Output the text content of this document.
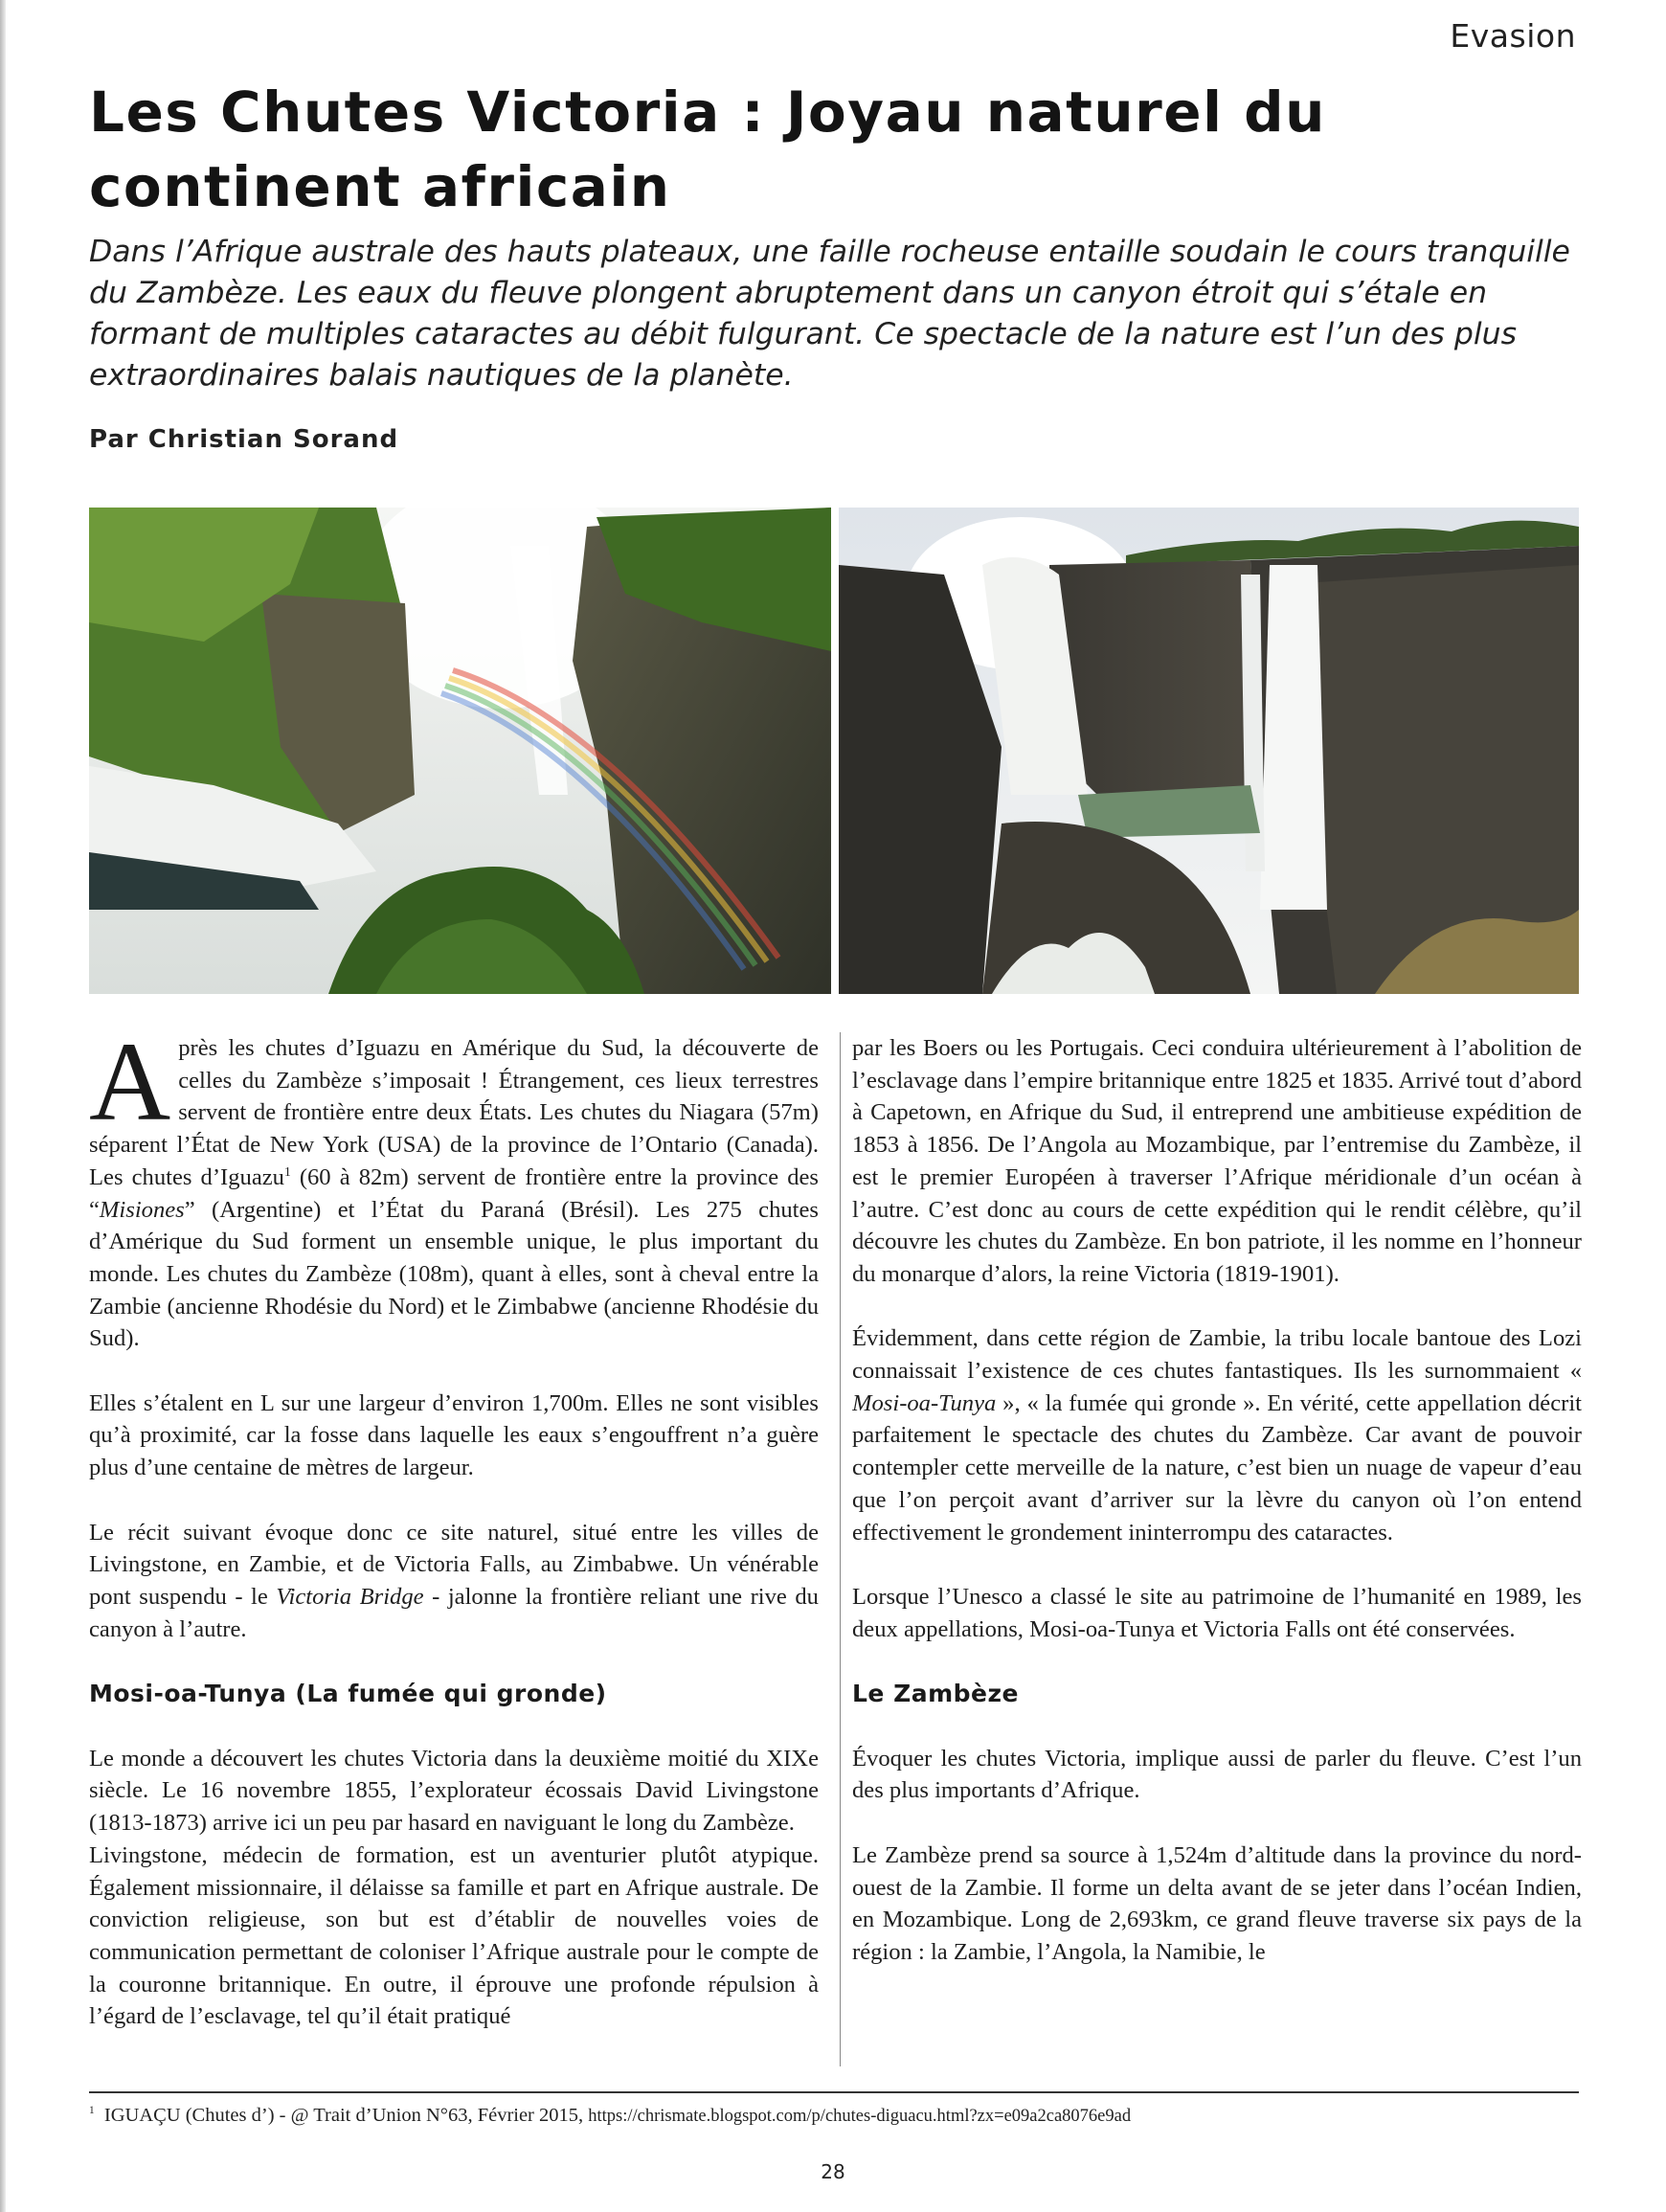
Evasion
Les Chutes Victoria : Joyau naturel du continent africain

Dans l’Afrique australe des hauts plateaux, une faille rocheuse entaille soudain le cours tranquille du Zambèze. Les eaux du fleuve plongent abruptement dans un canyon étroit qui s’étale en formant de multiples cataractes au débit fulgurant. Ce spectacle de la nature est l’un des plus extraordinaires balais nautiques de la planète.

Par Christian Sorand

Après les chutes d’Iguazu en Amérique du Sud, la découverte de celles du Zambèze s’imposait ! Étrangement, ces lieux terrestres servent de frontière entre deux États. Les chutes du Niagara (57m) séparent l’État de New York (USA) de la province de l’Ontario (Canada). Les chutes d’Iguazu$^1$ (60 à 82m) servent de frontière entre la province des “Misiones” (Argentine) et l’État du Paraná (Brésil). Les 275 chutes d’Amérique du Sud forment un ensemble unique, le plus important du monde. Les chutes du Zambèze (108m), quant à elles, sont à cheval entre la Zambie (ancienne Rhodésie du Nord) et le Zimbabwe (ancienne Rhodésie du Sud).

Elles s’étalent en L sur une largeur d’environ 1,700m. Elles ne sont visibles qu’à proximité, car la fosse dans laquelle les eaux s’engouffrent n’a guère plus d’une centaine de mètres de largeur.

Le récit suivant évoque donc ce site naturel, situé entre les villes de Livingstone, en Zambie, et de Victoria Falls, au Zimbabwe. Un vénérable pont suspendu - le Victoria Bridge - jalonne la frontière reliant une rive du canyon à l’autre.

Mosi-oa-Tunya (La fumée qui gronde)

Le monde a découvert les chutes Victoria dans la deuxième moitié du XIXe siècle. Le 16 novembre 1855, l’explorateur écossais David Livingstone (1813-1873) arrive ici un peu par hasard en naviguant le long du Zambèze.

Livingstone, médecin de formation, est un aventurier plutôt atypique. Également missionnaire, il délaisse sa famille et part en Afrique australe. De conviction religieuse, son but est d’établir de nouvelles voies de communication permettant de coloniser l’Afrique australe pour le compte de la couronne britannique. En outre, il éprouve une profonde répulsion à l’égard de l’esclavage, tel qu’il était pratiqué

par les Boers ou les Portugais. Ceci conduira ultérieurement à l’abolition de l’esclavage dans l’empire britannique entre 1825 et 1835. Arrivé tout d’abord à Capetown, en Afrique du Sud, il entreprend une ambitieuse expédition de 1853 à 1856. De l’Angola au Mozambique, par l’entremise du Zambèze, il est le premier Européen à traverser l’Afrique méridionale d’un océan à l’autre. C’est donc au cours de cette expédition qui le rendit célèbre, qu’il découvre les chutes du Zambèze. En bon patriote, il les nomme en l’honneur du monarque d’alors, la reine Victoria (1819-1901).

Évidemment, dans cette région de Zambie, la tribu locale bantoue des Lozi connaissait l’existence de ces chutes fantastiques. Ils les surnommaient « Mosi-oa-Tunya », « la fumée qui gronde ». En vérité, cette appellation décrit parfaitement le spectacle des chutes du Zambèze. Car avant de pouvoir contempler cette merveille de la nature, c’est bien un nuage de vapeur d’eau que l’on perçoit avant d’arriver sur la lèvre du canyon où l’on entend effectivement le grondement ininterrompu des cataractes.

Lorsque l’Unesco a classé le site au patrimoine de l’humanité en 1989, les deux appellations, Mosi-oa-Tunya et Victoria Falls ont été conservées.

Le Zambèze

Évoquer les chutes Victoria, implique aussi de parler du fleuve. C’est l’un des plus importants d’Afrique.

Le Zambèze prend sa source à 1,524m d’altitude dans la province du nord-ouest de la Zambie. Il forme un delta avant de se jeter dans l’océan Indien, en Mozambique. Long de 2,693km, ce grand fleuve traverse six pays de la région : la Zambie, l’Angola, la Namibie, le

$^1$ IGUAÇU (Chutes d’) - @ Trait d’Union N°63, Février 2015, https://chrismate.blogspot.com/p/chutes-diguacu.html?zx=e09a2ca8076e9ad
28
